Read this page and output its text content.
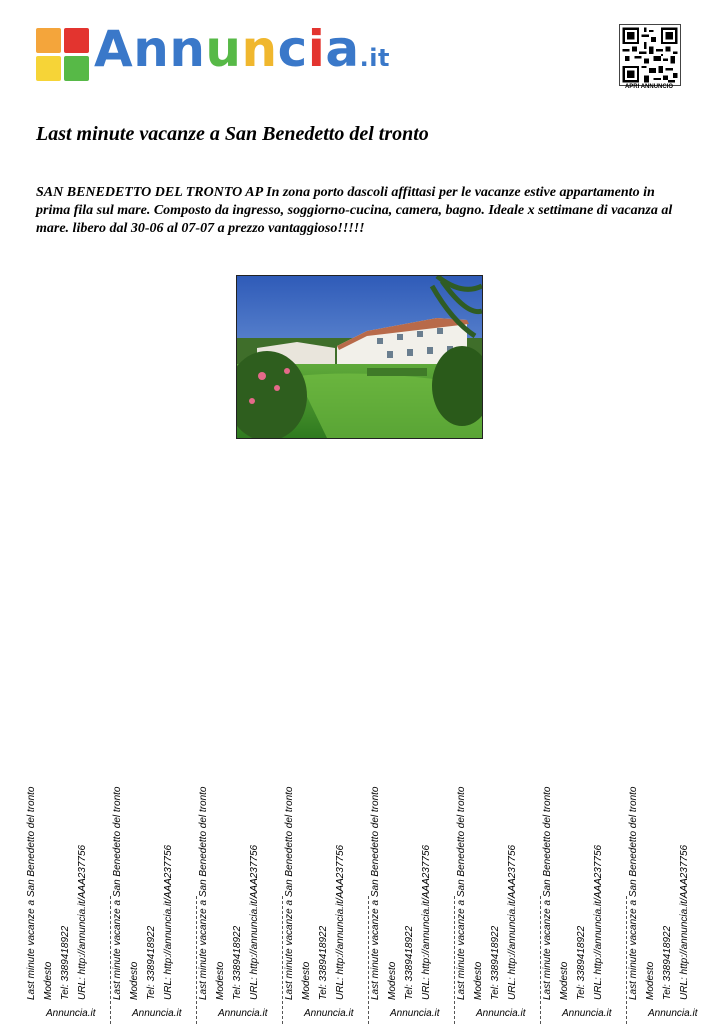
Annuncia.it
APRI ANNUNCIO
Last minute vacanze a San Benedetto del tronto

SAN BENEDETTO DEL TRONTO AP In zona porto dascoli affittasi per le vacanze estive appartamento in prima fila sul mare. Composto da ingresso, soggiorno-cucina, camera, bagno. Ideale x settimane di vacanza al mare. libero dal 30-06 al 07-07 a prezzo vantaggioso!!!!!

Last minute vacanze a San Benedetto del tronto Modesto Tel: 3389418922 URL: http://annuncia.it/AAA237756
Annuncia.it
Last minute vacanze a San Benedetto del tronto Modesto Tel: 3389418922 URL: http://annuncia.it/AAA237756
Annuncia.it
Last minute vacanze a San Benedetto del tronto Modesto Tel: 3389418922 URL: http://annuncia.it/AAA237756
Annuncia.it
Last minute vacanze a San Benedetto del tronto Modesto Tel: 3389418922 URL: http://annuncia.it/AAA237756
Annuncia.it
Last minute vacanze a San Benedetto del tronto Modesto Tel: 3389418922 URL: http://annuncia.it/AAA237756
Annuncia.it
Last minute vacanze a San Benedetto del tronto Modesto Tel: 3389418922 URL: http://annuncia.it/AAA237756
Annuncia.it
Last minute vacanze a San Benedetto del tronto Modesto Tel: 3389418922 URL: http://annuncia.it/AAA237756
Annuncia.it
Last minute vacanze a San Benedetto del tronto Modesto Tel: 3389418922 URL: http://annuncia.it/AAA237756
Annuncia.it
